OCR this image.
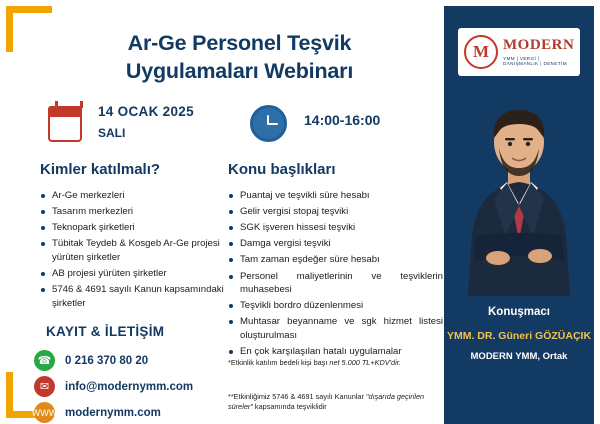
Ar-Ge Personel Teşvik
Uygulamaları Webinarı
14 OCAK 2025
SALI
14:00-16:00
Kimler katılmalı?
Ar-Ge merkezleri
Tasarım merkezleri
Teknopark şirketleri
Tübitak Teydeb & Kosgeb Ar-Ge projesi yürüten şirketler
AB projesi yürüten şirketler
5746 & 4691 sayılı Kanun kapsamındaki şirketler
Konu başlıkları
Puantaj ve teşvikli süre hesabı
Gelir vergisi stopaj teşviki
SGK işveren hissesi teşviki
Damga vergisi teşviki
Tam zaman eşdeğer süre hesabı
Personel maliyetlerinin ve teşviklerin muhasebesi
Teşvikli bordro düzenlenmesi
Muhtasar beyanname ve sgk hizmet listesi oluşturulması
En çok karşılaşılan hatalı uygulamalar
KAYIT & İLETİŞİM
☎	0 216 370 80 20
✉	info@modernymm.com
WWW modernymm.com
*Etkinlik katılım bedeli kişi başı net 5.000 TL+KDV'dir.
**Etkinliğimiz 5746 & 4691 sayılı Kanunlar "dışarıda geçirilen süreler" kapsamında teşviklidir
M MODERN
YMM | VERGİ | DANIŞMANLIK | DENETİM
Konuşmacı
YMM. DR. Güneri GÖZÜAÇIK
MODERN YMM, Ortak
